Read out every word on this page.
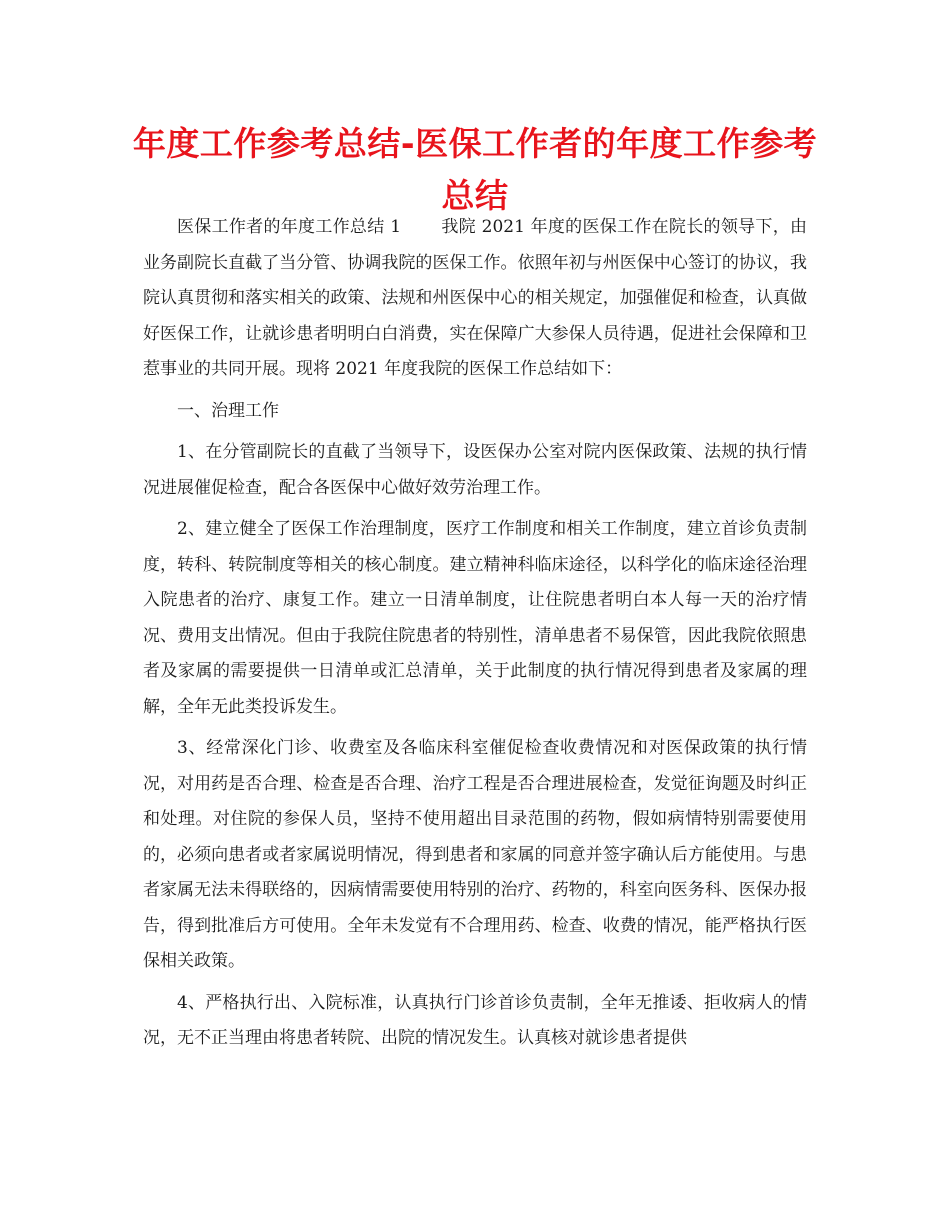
年度工作参考总结-医保工作者的年度工作参考总结

医保工作者的年度工作总结 1 我院 2021 年度的医保工作在院长的领导下，由业务副院长直截了当分管、协调我院的医保工作。依照年初与州医保中心签订的协议，我院认真贯彻和落实相关的政策、法规和州医保中心的相关规定，加强催促和检查，认真做好医保工作，让就诊患者明明白白消费，实在保障广大参保人员待遇，促进社会保障和卫惹事业的共同开展。现将 2021 年度我院的医保工作总结如下：

一、治理工作

1、在分管副院长的直截了当领导下，设医保办公室对院内医保政策、法规的执行情况进展催促检查，配合各医保中心做好效劳治理工作。

2、建立健全了医保工作治理制度，医疗工作制度和相关工作制度，建立首诊负责制度，转科、转院制度等相关的核心制度。建立精神科临床途径，以科学化的临床途径治理入院患者的治疗、康复工作。建立一日清单制度，让住院患者明白本人每一天的治疗情况、费用支出情况。但由于我院住院患者的特别性，清单患者不易保管，因此我院依照患者及家属的需要提供一日清单或汇总清单，关于此制度的执行情况得到患者及家属的理解，全年无此类投诉发生。

3、经常深化门诊、收费室及各临床科室催促检查收费情况和对医保政策的执行情况，对用药是否合理、检查是否合理、治疗工程是否合理进展检查，发觉征询题及时纠正和处理。对住院的参保人员，坚持不使用超出目录范围的药物，假如病情特别需要使用的，必须向患者或者家属说明情况，得到患者和家属的同意并签字确认后方能使用。与患者家属无法未得联络的，因病情需要使用特别的治疗、药物的，科室向医务科、医保办报告，得到批准后方可使用。全年未发觉有不合理用药、检查、收费的情况，能严格执行医保相关政策。

4、严格执行出、入院标准，认真执行门诊首诊负责制，全年无推诿、拒收病人的情况，无不正当理由将患者转院、出院的情况发生。认真核对就诊患者提供
